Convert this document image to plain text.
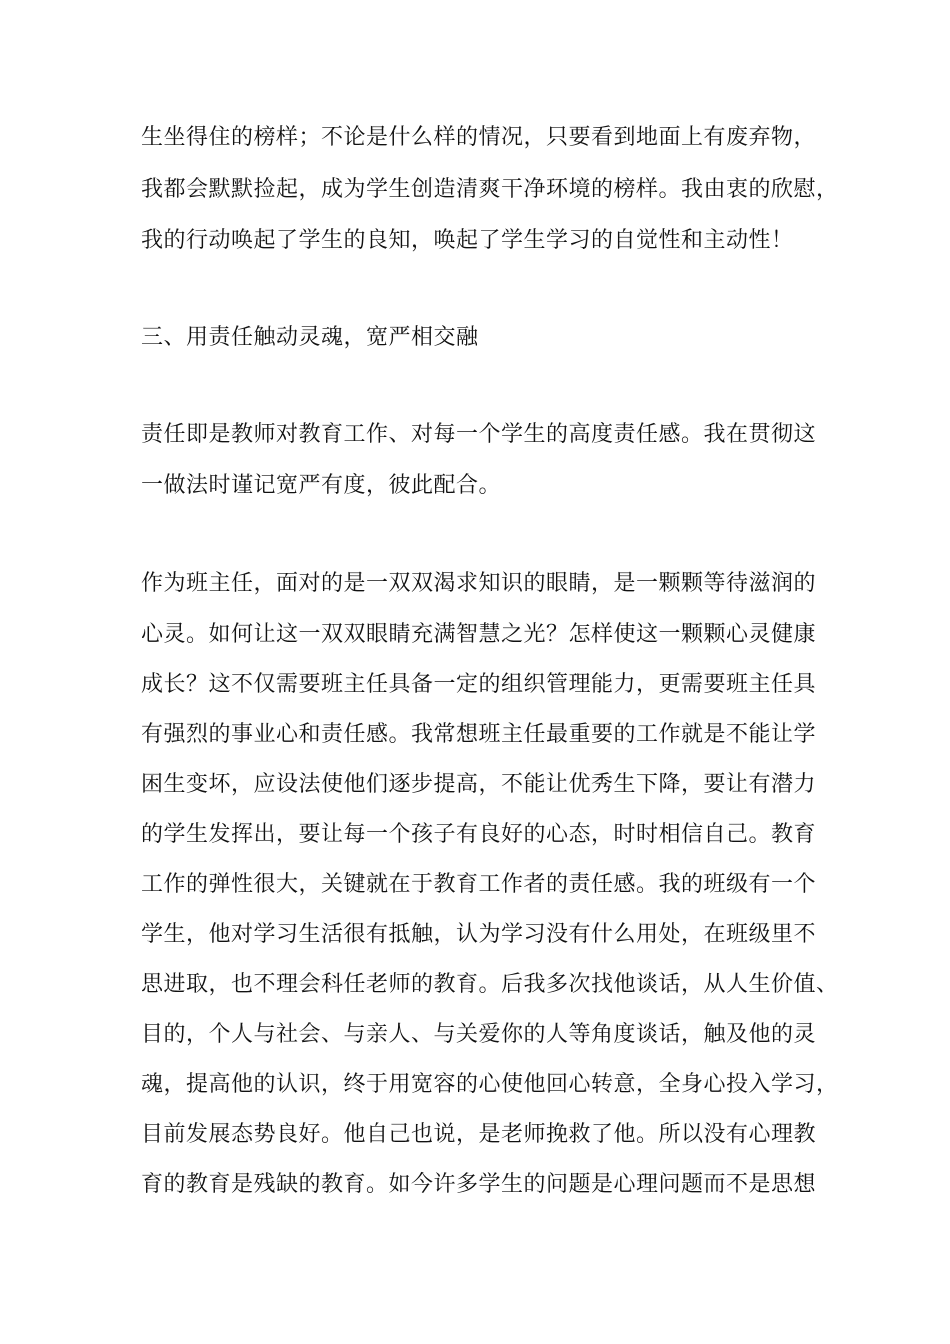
生坐得住的榜样；不论是什么样的情况，只要看到地面上有废弃物，
我都会默默捡起，成为学生创造清爽干净环境的榜样。我由衷的欣慰，
我的行动唤起了学生的良知，唤起了学生学习的自觉性和主动性！
三、用责任触动灵魂，宽严相交融
责任即是教师对教育工作、对每一个学生的高度责任感。我在贯彻这
一做法时谨记宽严有度，彼此配合。
作为班主任，面对的是一双双渴求知识的眼睛，是一颗颗等待滋润的
心灵。如何让这一双双眼睛充满智慧之光？怎样使这一颗颗心灵健康
成长？这不仅需要班主任具备一定的组织管理能力，更需要班主任具
有强烈的事业心和责任感。我常想班主任最重要的工作就是不能让学
困生变坏，应设法使他们逐步提高，不能让优秀生下降，要让有潜力
的学生发挥出，要让每一个孩子有良好的心态，时时相信自己。教育
工作的弹性很大，关键就在于教育工作者的责任感。我的班级有一个
学生，他对学习生活很有抵触，认为学习没有什么用处，在班级里不
思进取，也不理会科任老师的教育。后我多次找他谈话，从人生价值、
目的，个人与社会、与亲人、与关爱你的人等角度谈话，触及他的灵
魂，提高他的认识，终于用宽容的心使他回心转意，全身心投入学习，
目前发展态势良好。他自己也说，是老师挽救了他。所以没有心理教
育的教育是残缺的教育。如今许多学生的问题是心理问题而不是思想
